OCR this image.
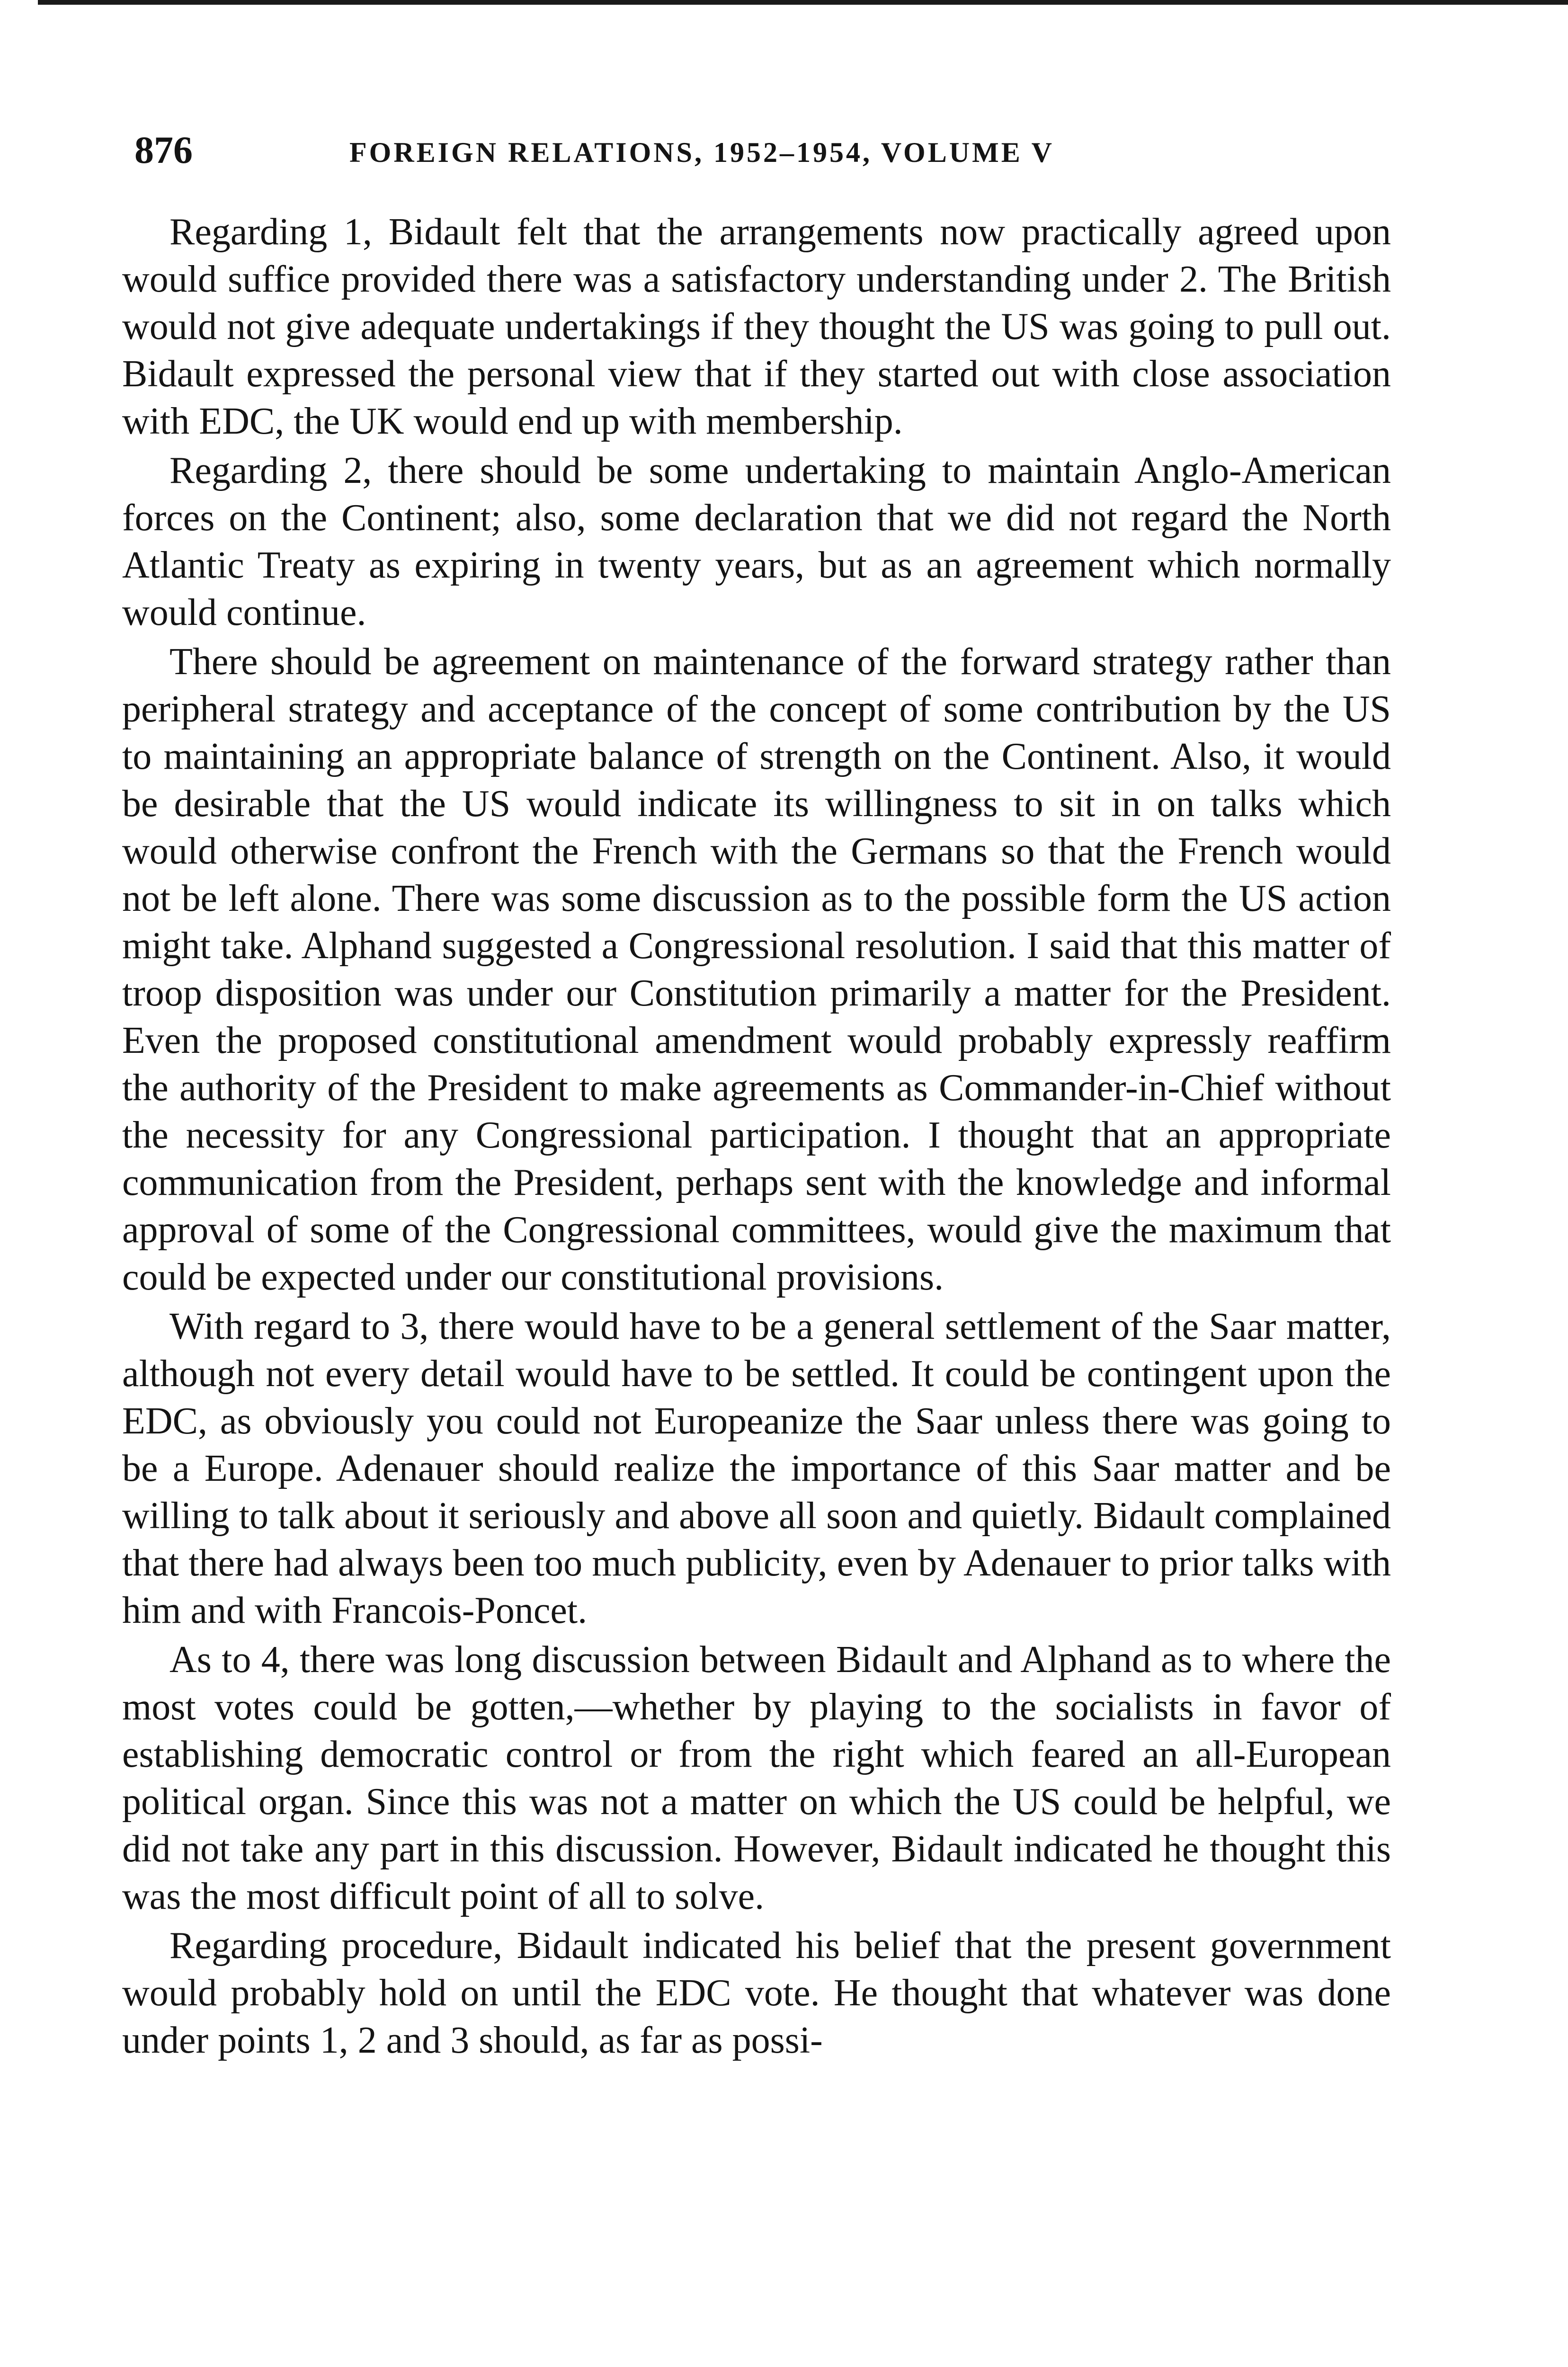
876	FOREIGN RELATIONS, 1952–1954, VOLUME V

Regarding 1, Bidault felt that the arrangements now practically agreed upon would suffice provided there was a satisfactory understanding under 2. The British would not give adequate undertakings if they thought the US was going to pull out. Bidault expressed the personal view that if they started out with close association with EDC, the UK would end up with membership.

Regarding 2, there should be some undertaking to maintain Anglo-American forces on the Continent; also, some declaration that we did not regard the North Atlantic Treaty as expiring in twenty years, but as an agreement which normally would continue.

There should be agreement on maintenance of the forward strategy rather than peripheral strategy and acceptance of the concept of some contribution by the US to maintaining an appropriate balance of strength on the Continent. Also, it would be desirable that the US would indicate its willingness to sit in on talks which would otherwise confront the French with the Germans so that the French would not be left alone. There was some discussion as to the possible form the US action might take. Alphand suggested a Congressional resolution. I said that this matter of troop disposition was under our Constitution primarily a matter for the President. Even the proposed constitutional amendment would probably expressly reaffirm the authority of the President to make agreements as Commander-in-Chief without the necessity for any Congressional participation. I thought that an appropriate communication from the President, perhaps sent with the knowledge and informal approval of some of the Congressional committees, would give the maximum that could be expected under our constitutional provisions.

With regard to 3, there would have to be a general settlement of the Saar matter, although not every detail would have to be settled. It could be contingent upon the EDC, as obviously you could not Europeanize the Saar unless there was going to be a Europe. Adenauer should realize the importance of this Saar matter and be willing to talk about it seriously and above all soon and quietly. Bidault complained that there had always been too much publicity, even by Adenauer to prior talks with him and with Francois-Poncet.

As to 4, there was long discussion between Bidault and Alphand as to where the most votes could be gotten,—whether by playing to the socialists in favor of establishing democratic control or from the right which feared an all-European political organ. Since this was not a matter on which the US could be helpful, we did not take any part in this discussion. However, Bidault indicated he thought this was the most difficult point of all to solve.

Regarding procedure, Bidault indicated his belief that the present government would probably hold on until the EDC vote. He thought that whatever was done under points 1, 2 and 3 should, as far as possi-
